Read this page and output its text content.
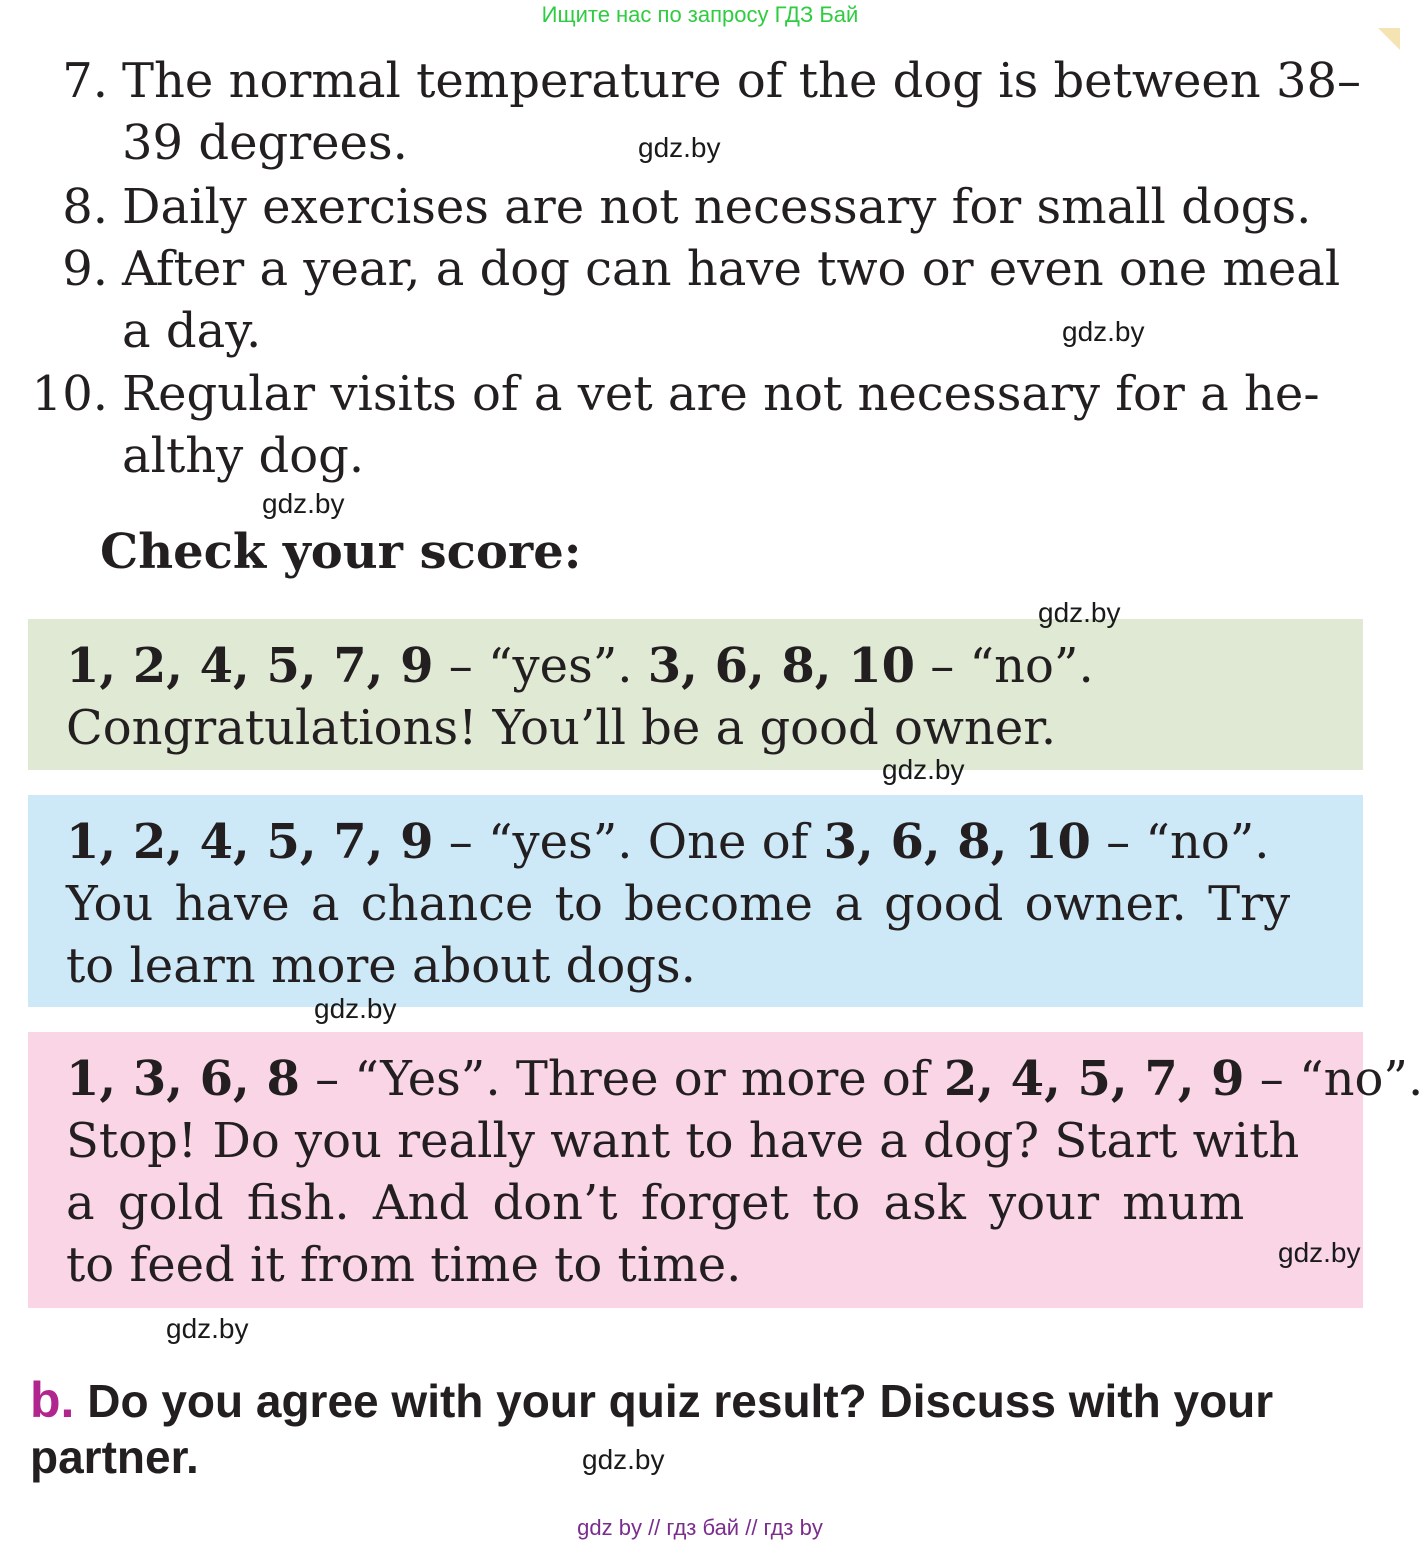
Ищите нас по запросу ГДЗ Бай
7. The normal temperature of the dog is between 38–
39 degrees.	gdz.by
8. Daily exercises are not necessary for small dogs.
9. After a year, a dog can have two or even one meal
a day.	gdz.by
10. Regular visits of a vet are not necessary for a he-
althy dog.
gdz.by
Check your score:
1, 2, 4, 5, 7, 9 – “yes”. 3, 6, 8, 10 – “no”.
Congratulations! You’ll be a good owner.
gdz.by
gdz.by
1, 2, 4, 5, 7, 9 – “yes”. One of 3, 6, 8, 10 – “no”.
You have a chance to become a good owner. Try
to learn more about dogs.
gdz.by
1, 3, 6, 8 – “Yes”. Three or more of 2, 4, 5, 7, 9 – “no”.
Stop! Do you really want to have a dog? Start with
a gold fish. And don’t forget to ask your mum
to feed it from time to time.	gdz.by
gdz.by
b. Do you agree with your quiz result? Discuss with your
partner.	gdz.by
gdz by // гдз бай // гдз by
